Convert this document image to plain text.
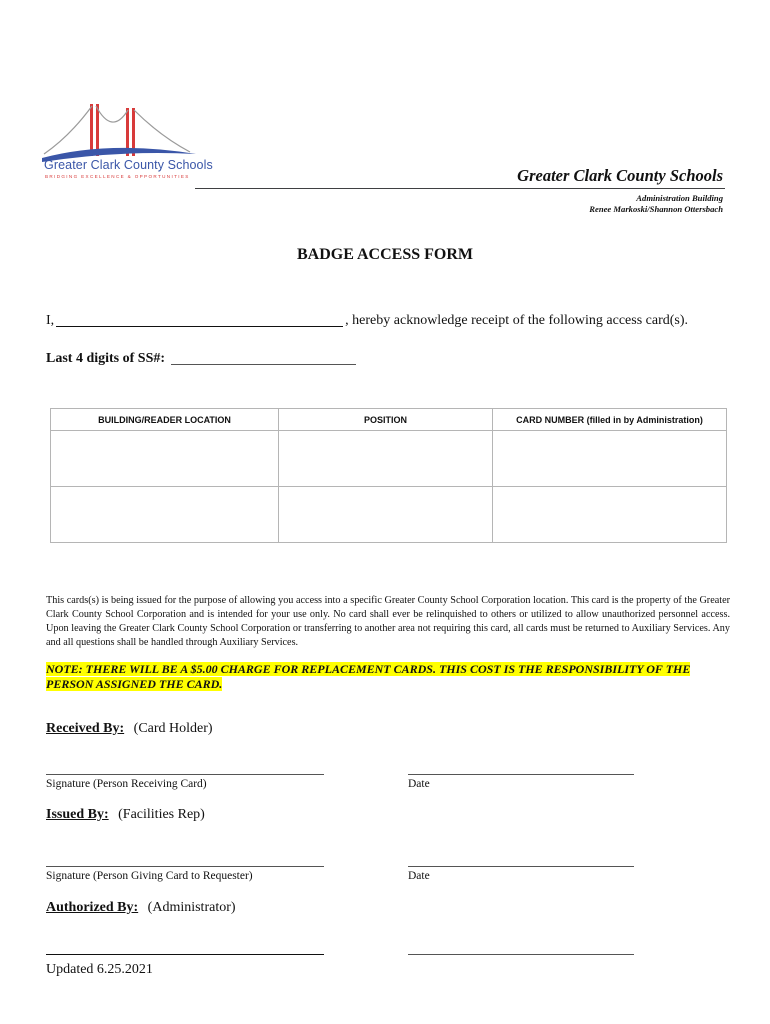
Greater Clark County Schools
BRIDGING EXCELLENCE & OPPORTUNITIES	Greater Clark County Schools
Administration Building
Renee Markoski/Shannon Ottersbach
BADGE ACCESS FORM
I,	, hereby acknowledge receipt of the following access card(s).
Last 4 digits of SS#:
BUILDING/READER LOCATION	POSITION	CARD NUMBER (filled in by Administration)

This cards(s) is being issued for the purpose of allowing you access into a specific Greater County School Corporation location. This card is the property of the Greater Clark County School Corporation and is intended for your use only. No card shall ever be relinquished to others or utilized to allow unauthorized personnel access. Upon leaving the Greater Clark County School Corporation or transferring to another area not requiring this card, all cards must be returned to Auxiliary Services. Any and all questions shall be handled through Auxiliary Services.
NOTE: THERE WILL BE A $5.00 CHARGE FOR REPLACEMENT CARDS. THIS COST IS THE RESPONSIBILITY OF THE PERSON ASSIGNED THE CARD.
Received By: (Card Holder)
Signature (Person Receiving Card)	Date
Issued By: (Facilities Rep)
Signature (Person Giving Card to Requester)	Date
Authorized By: (Administrator)
Updated 6.25.2021
